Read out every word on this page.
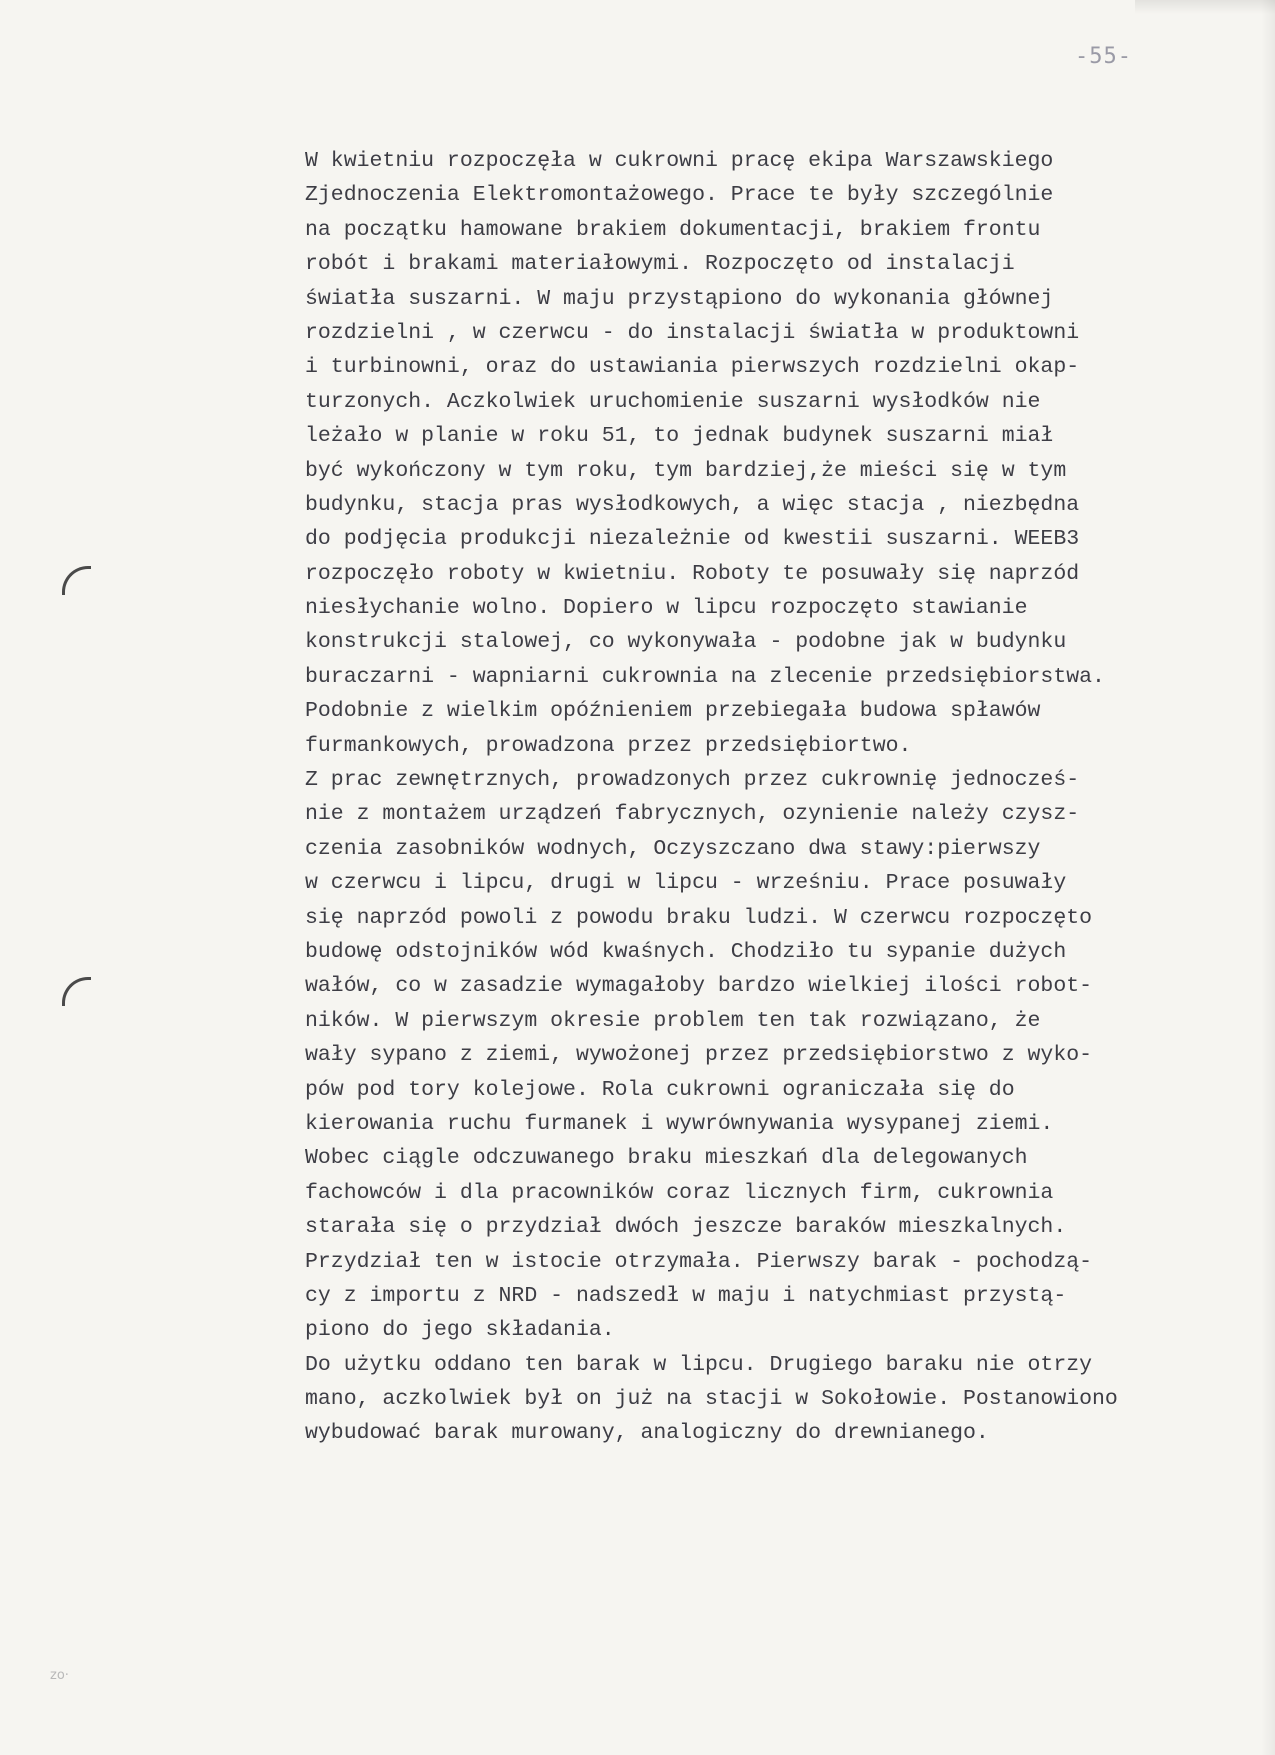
-55-
W kwietniu rozpoczęła w cukrowni pracę ekipa Warszawskiego
Zjednoczenia Elektromontażowego. Prace te były szczególnie
na początku hamowane brakiem dokumentacji, brakiem frontu
robót i brakami materiałowymi. Rozpoczęto od instalacji
światła suszarni. W maju przystąpiono do wykonania głównej
rozdzielni , w czerwcu - do instalacji światła w produktowni
i turbinowni, oraz do ustawiania pierwszych rozdzielni okap-
turzonych. Aczkolwiek uruchomienie suszarni wysłodków nie
leżało w planie w roku 51, to jednak budynek suszarni miał
być wykończony w tym roku, tym bardziej,że mieści się w tym
budynku, stacja pras wysłodkowych, a więc stacja , niezbędna
do podjęcia produkcji niezależnie od kwestii suszarni. WEEB3
rozpoczęło roboty w kwietniu. Roboty te posuwały się naprzód
niesłychanie wolno. Dopiero w lipcu rozpoczęto stawianie
konstrukcji stalowej, co wykonywała - podobne jak w budynku
buraczarni - wapniarni cukrownia na zlecenie przedsiębiorstwa.
Podobnie z wielkim opóźnieniem przebiegała budowa spławów
furmankowych, prowadzona przez przedsiębiortwo.
Z prac zewnętrznych, prowadzonych przez cukrownię jednocześ-
nie z montażem urządzeń fabrycznych, ozynienie należy czysz-
czenia zasobników wodnych, Oczyszczano dwa stawy:pierwszy
w czerwcu i lipcu, drugi w lipcu - wrześniu. Prace posuwały
się naprzód powoli z powodu braku ludzi. W czerwcu rozpoczęto
budowę odstojników wód kwaśnych. Chodziło tu sypanie dużych
wałów, co w zasadzie wymagałoby bardzo wielkiej ilości robot-
ników. W pierwszym okresie problem ten tak rozwiązano, że
wały sypano z ziemi, wywożonej przez przedsiębiorstwo z wyko-
pów pod tory kolejowe. Rola cukrowni ograniczała się do
kierowania ruchu furmanek i wywrównywania wysypanej ziemi.
Wobec ciągle odczuwanego braku mieszkań dla delegowanych
fachowców i dla pracowników coraz licznych firm, cukrownia
starała się o przydział dwóch jeszcze baraków mieszkalnych.
Przydział ten w istocie otrzymała. Pierwszy barak - pochodzą-
cy z importu z NRD - nadszedł w maju i natychmiast przystą-
piono do jego składania.
Do użytku oddano ten barak w lipcu. Drugiego baraku nie otrzy
mano, aczkolwiek był on już na stacji w Sokołowie. Postanowiono
wybudować barak murowany, analogiczny do drewnianego.
zo·
